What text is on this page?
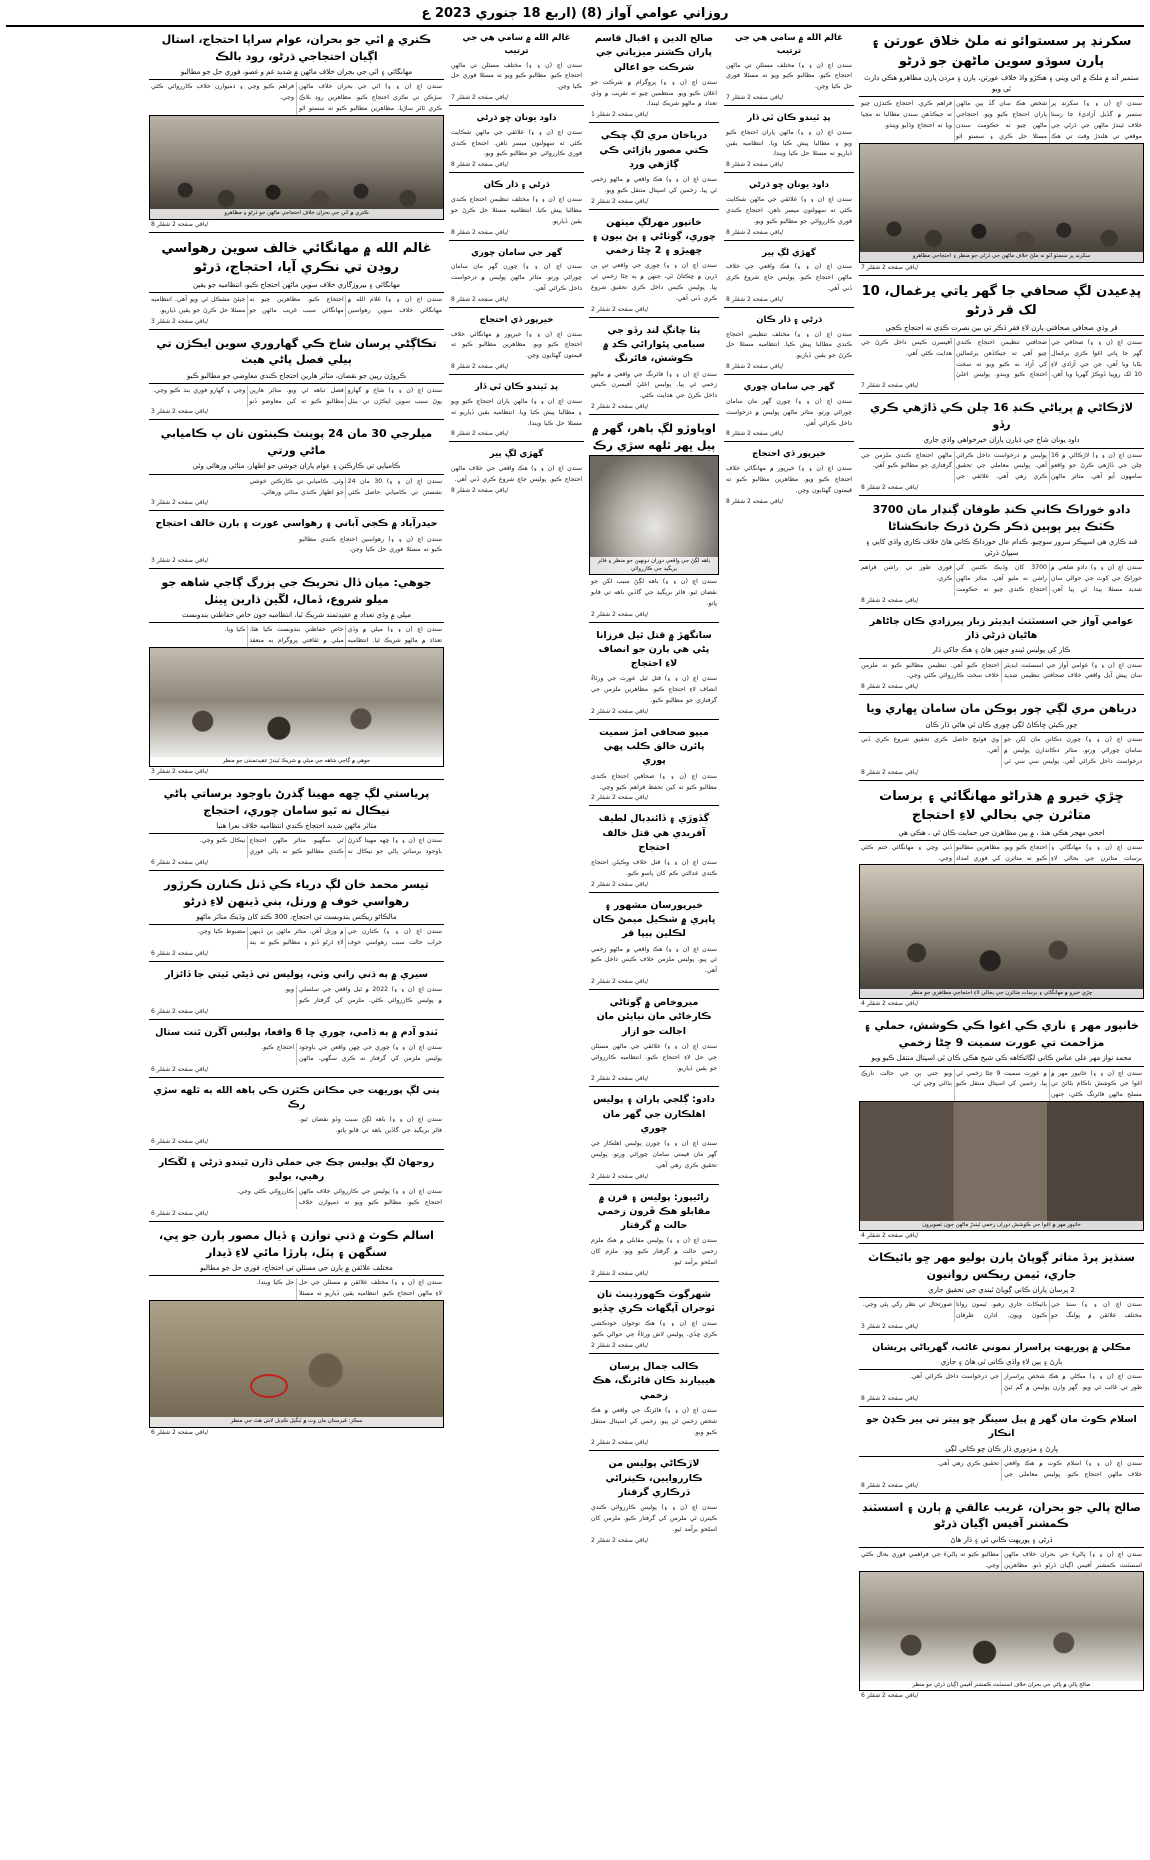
روزاني عوامي آواز (8) (اربع 18 جنوري 2023 ع
سکرنڊ پر سستوائو نه ملڻ خلاق عورتن ۽ ٻارن سوڌو سوين ماڻهن جو ڌرڻو
ستمبر آند ۾ ملڪ ۾ اٿي ويٺي ۽ هڪڙو واڌ خلاف عورتن، ٻارن ۽ مردن پارن مظاهرو هڪي ڊارٽ ٿي ويو
سندن اچ (ن ۽ ۽) سکرنڊ پر ستمبر ۾ گڏيل آزاديءَ جا رستا خلاف ٿيندڙ ماڻهن جي ڌرڻي جي موقعي تي هلندڙ وقت تي هڪ شخص هڪ سان گڏ ٻين ماڻهن پاران احتجاج ڪيو ويو. احتجاجي ماڻهن چيو ته حڪومت سندن مسئلا حل ڪري ۽ سستو اٽو فراهم ڪري. احتجاج ڪندڙن چيو ته جيڪڏهن سندن مطالبا نه مڃيا ويا ته احتجاج وڌايو ويندو.
سکرنڊ پر سستو اٽو نه ملڻ خلاف ماڻهن جي ڌرڻي جو منظر ۽ احتجاجي مظاهرو
/باقي صفحه 2 شقلر 7
پڍعيدن لڳ صحافي جا گهر ياتي يرغمال، 10 لک قر ڌرڻو
قر وڌي صحافي صحافتي ٻارن لاءِ فقر ڌڪر تي بين نصرت ڪڍي ته احتجاج ڪجي
سندن اچ (ن ۽ ۽) صحافي جي گهر جا ڀاتي اغوا ڪري يرغمال بڻايا ويا آهن، جن جي آزادي لاءِ 10 لک روپيا ڏوڪڙ گهريا ويا آهن. صحافتي تنظيمن احتجاج ڪندي چيو آهي ته جيڪڏهن يرغمالين کي آزاد نه ڪيو ويو ته سخت احتجاج ڪيو ويندو. پوليس اعليٰ آفيسرن ڪيس داخل ڪرڻ جي هدايت ڪئي آهي.
/باقي صفحه 2 شقلر 7
لاڙڪاڻي ۾ پرياڻي ڪنڊ 16 چلن ڪي ڏاڙهي ڪري رڏو
داود يونان شاخ جي ڏيارن پاران خيرخواهي واڌي جاري
سندن اچ (ن ۽ ۽) لاڙڪاڻي ۾ 16 چلن جي ڏاڙهي ڪرڻ جو واقعو سامهون آيو آهي. متاثر ماڻهن پوليس ۾ درخواست داخل ڪرائي آهي. پوليس معاملي جي تحقيق ڪري رهي آهي. علائقي جي ماڻهن احتجاج ڪندي ملزمن جي گرفتاري جو مطالبو ڪيو آهي.
/باقي صفحه 2 شقلر 8
دادو خوراڪ ڪاني ڪنڊ طوفان ڳنڍار مان 3700 ڪٽڪ ٻير ٻوٻين ڌڪر ڪرڻ ڌرڪ جانڪشاڻا
قند ڪاري هي اسپيڪر سرور سوچيو. ڪدام عال خورداڪ ڪاني هاڻ خلاف ڪاري واڌي کاٻي ۽ سيڀاڻ ڌرڻي
سندن اچ (ن ۽ ۽) دادو ضلعي ۾ خوراڪ جي کوٽ جي حوالي سان شديد مسئلا پيدا ٿي پيا آهن. 3700 کان وڌيڪ ڪٽنبن کي راشن نه مليو آهي. متاثر ماڻهن احتجاج ڪندي چيو ته حڪومت فوري طور تي راشن فراهم ڪري.
/باقي صفحه 2 شقلر 8
عوامي آواز جي اسسٽنٽ ايڊيٽر زبار پيرزادي ڪان ڄاڻاهر هاڻيان ڌرڻي ڌار
ڪار کي پوليس ٿيندو جنهن هاڻ ۽ هڪ جاکي ڌار
سندن اچ (ن ۽ ۽) عوامي آواز جي اسسٽنٽ ايڊيٽر سان پيش آيل واقعي خلاف صحافتي تنظيمن شديد احتجاج ڪيو آهي. تنظيمن مطالبو ڪيو ته ملزمن خلاف سخت ڪارروائي ڪئي وڃي.
/باقي صفحه 2 شقلر 8
درياهن مري لڳي چور ٻوڪن مان سامان ڀهاري ويا
چور ڪيئن ڇاڪاڻ لڳي چوري ڪان ٿي هاڻي ڌار ڪان
سندن اچ (ن ۽ ۽) چورن دڪانن مان لکن جو سامان چورائي ورتو. متاثر دڪاندارن پوليس ۾ درخواست داخل ڪرائي آهي. پوليس سي سي ٽي وي فوٽيج حاصل ڪري تحقيق شروع ڪري ڏني آهي.
/باقي صفحه 2 شقلر 8
ڇڙي خيرو ۾ هڌراڻو مهانگائي ۽ برسات متاثرن جي بحالي لاءِ احتجاج
احجي مهجر هڪي هنڌ ، ۾ ٻين مظاهرن جي حمايت ڪان ٿي ، هڪي هي
سندن اچ (ن ۽ ۽) مهانگائي ۽ برسات متاثرن جي بحالي لاءِ احتجاج ڪيو ويو. مظاهرين مطالبو ڪيو ته متاثرن کي فوري امداد ڏني وڃي ۽ مهانگائي ختم ڪئي وڃي.
ڇڙي خيرو ۾ مهانگائي ۽ برسات متاثرن جي بحالي لاءِ احتجاجي مظاهري جو منظر
/باقي صفحه 2 شقلر 4
خانپور مهر ۽ ناري ڪي اغوا ڪي ڪوشش، حملي ۽ مزاحمت تي عورت سميت 9 ڇڻا زخمي
محمد نواز مهر علي عباس ڪاني لڳائڪاهه ڪي شيخ هڪي ڪان ٿي اسپتال منتقل ڪيو ويو
سندن اچ (ن ۽ ۽) خانپور مهر ۾ اغوا جي ڪوشش ناڪام بڻائڻ تي مسلح ماڻهن فائرنگ ڪئي، جنهن ۾ عورت سميت 9 ڄڻا زخمي ٿي پيا. زخمين کي اسپتال منتقل ڪيو ويو جتي ٻن جي حالت نازڪ ٻڌائي وڃي ٿي.
خانپور مهر ۾ اغوا جي ڪوشش دوران زخمي ٿيندڙ ماڻهن جون تصويرون
/باقي صفحه 2 شقلر 4
سنڌيز پرڏ متاثر ڳوپاڻ پارن ٻوليو مهر ڇو بائيڪاٽ جاري، ٽيمن ريڪس روانيون
2 پرسان پاران ڪاني ڳوپاڻ ٿيندي جي تحقيق جاري
سندن اچ (ن ۽ ۽) سنڌ جي مختلف علائقن ۾ پولنگ جو بائيڪاٽ جاري رهيو. ٽيمون روانا ڪيون ويون. ادارن طرفان صورتحال تي نظر رکي پئي وڃي.
/باقي صفحه 2 شقلر 3
مڪلي ۾ پوريهت پراسرار نموني غائب، گهرياڻي پريشان
ٻارڻ ۽ ٻين لاءِ واڌي ڪاني ٿي هاڻ ۽ جاري
سندن اچ (ن ۽ ۽) مڪلي ۾ هڪ شخص پراسرار طور تي غائب ٿي ويو. گهر وارن پوليس ۾ گم ٿيڻ جي درخواست داخل ڪرائي آهي.
/باقي صفحه 2 شقلر 8
اسلام ڪوٽ مان گهر ۾ پيل سينگر ڇو پيتر تي پير ڪڍڻ جو انڪار
ڀارڻ ۽ مزدوري ڌار ڪان ڇو ڪاني لڳي
سندن اچ (ن ۽ ۽) اسلام ڪوٽ ۾ هڪ واقعي خلاف ماڻهن احتجاج ڪيو. پوليس معاملي جي تحقيق ڪري رهي آهي.
/باقي صفحه 2 شقلر 8
صالح پالي جو بحران، غريب عالقي ۾ ٻارن ۽ اسسٽنڊ ڪمشنر آفيس اڳيان ڌرڻو
ڌرڻي ۽ پوريهت ڪاني ٿي ۽ ڌار هاڻ
سندن اچ (ن ۽ ۽) پاڻيءَ جي بحران خلاف ماڻهن اسسٽنٽ ڪمشنر آفيس اڳيان ڌرڻو ڏنو. مظاهرين مطالبو ڪيو ته پاڻيءَ جي فراهمي فوري بحال ڪئي وڃي.
صالح پالي ۾ پاڻي جي بحران خلاف اسسٽنٽ ڪمشنر آفيس اڳيان ڌرڻي جو منظر
/باقي صفحه 2 شقلر 6
غالم الله ۾ سامي هي جي ترتيب
سندن اچ (ن ۽ ۽) مختلف مسئلن تي ماڻهن احتجاج ڪيو. مطالبو ڪيو ويو ته مسئلا فوري حل ڪيا وڃن.
/باقي صفحه 2 شقلر 7
پڍ ٿيندو ڪان ٿي ڏار
سندن اچ (ن ۽ ۽) ماڻهن پاران احتجاج ڪيو ويو ۽ مطالبا پيش ڪيا ويا. انتظاميه يقين ڏياريو ته مسئلا حل ڪيا ويندا.
/باقي صفحه 2 شقلر 8
داود يونان ڇو ڌرڻي
سندن اچ (ن ۽ ۽) علائقي جي ماڻهن شڪايت ڪئي ته سهولتون ميسر ناهن. احتجاج ڪندي فوري ڪارروائي جو مطالبو ڪيو ويو.
/باقي صفحه 2 شقلر 8
گهڙي لڳ ٻير
سندن اچ (ن ۽ ۽) هڪ واقعي جي خلاف ماڻهن احتجاج ڪيو. پوليس جاچ شروع ڪري ڏني آهي.
/باقي صفحه 2 شقلر 8
ڌرڻي ۽ ڌار ڪان
سندن اچ (ن ۽ ۽) مختلف تنظيمن احتجاج ڪندي مطالبا پيش ڪيا. انتظاميه مسئلا حل ڪرڻ جو يقين ڏياريو.
/باقي صفحه 2 شقلر 8
گهر جي سامان چوري
سندن اچ (ن ۽ ۽) چورن گهر مان سامان چورائي ورتو. متاثر ماڻهن پوليس ۾ درخواست داخل ڪرائي آهي.
/باقي صفحه 2 شقلر 8
خيرپور ڏي احتجاج
سندن اچ (ن ۽ ۽) خيرپور ۾ مهانگائي خلاف احتجاج ڪيو ويو. مظاهرين مطالبو ڪيو ته قيمتون گهٽايون وڃن.
/باقي صفحه 2 شقلر 8
صالح الدين ۽ اقبال قاسم پاران ڪشنر ميزباني جي شرڪت جو اعالن
سندن اچ (ن ۽ ۽) پروگرام ۾ شرڪت جو اعلان ڪيو ويو. منتظمين چيو ته تقريب ۾ وڏي تعداد ۾ ماڻهو شريڪ ٿيندا.
/باقي صفحه 2 شقلر 1
درياخان مري لڳ ڇڪي ڪتي مصور ٻاڙائي ڪي ڳاڙهي ورڊ
سندن اچ (ن ۽ ۽) هڪ واقعي ۾ ماڻهو زخمي ٿي پيا. زخمين کي اسپتال منتقل ڪيو ويو.
/باقي صفحه 2 شقلر 2
خانپور مهرلڳ ميٺهن چوري، ڳوٺاڻي ۽ پڻ ٻيون ۽ ڇهيڙو ۽ 2 ڇڻا زخمي
سندن اچ (ن ۽ ۽) چوري جي واقعي تي ٻن ڌرين ۾ ڇڪتاڻ ٿي، جنهن ۾ ٻه ڄڻا زخمي ٿي پيا. پوليس ڪيس داخل ڪري تحقيق شروع ڪري ڏني آهي.
/باقي صفحه 2 شقلر 2
ٻٽا چانڳ لنڊ رڏو جي سبامي ڀئوارائي ڪڍ ۾ ڪوشش، فائرنگ
سندن اچ (ن ۽ ۽) فائرنگ جي واقعي ۾ ماڻهو زخمي ٿي پيا. پوليس اعليٰ آفيسرن ڪيس داخل ڪرڻ جي هدايت ڪئي.
/باقي صفحه 2 شقلر 2
اوپاوڙو لڳ ٻاهر، گهر ۾ پيل ڀهر ٿلهه سڙي رڪ
باهه لڳڻ جي واقعي دوران دونهين جو منظر ۽ فائر بريگيڊ جي ڪارروائي
سندن اچ (ن ۽ ۽) باهه لڳڻ سبب لکن جو نقصان ٿيو. فائر بريگيڊ جي گاڏين باهه تي قابو پاتو.
/باقي صفحه 2 شقلر 2
سانگهڙ ۾ قتل ٿيل فرزانا پڻي هي ٻارن جو انصاف لاءِ احتجاج
سندن اچ (ن ۽ ۽) قتل ٿيل عورت جي ورثاءُ انصاف لاءِ احتجاج ڪيو. مظاهرين ملزمن جي گرفتاري جو مطالبو ڪيو.
/باقي صفحه 2 شقلر 2
ميپو صحافي امڙ سميت پائرن خالق ڪلب ڀهي پوري
سندن اچ (ن ۽ ۽) صحافين احتجاج ڪندي مطالبو ڪيو ته کين تحفظ فراهم ڪيو وڃي.
/باقي صفحه 2 شقلر 2
ڳڏوڙي ۽ ڏائنڊٻال لطيف آفريدي هي قتل خالف احتجاج
سندن اچ (ن ۽ ۽) قتل خلاف وڪيلن احتجاج ڪندي عدالتي ڪم کان پاسو ڪيو.
/باقي صفحه 2 شقلر 2
خيرپورسان مشهور ۽ ڀاپري ۾ شڪيل ميمڻ ڪان لڪلين ٻيپا قر
سندن اچ (ن ۽ ۽) هڪ واقعي ۾ ماڻهو زخمي ٿي پيو. پوليس ملزمن خلاف ڪيس داخل ڪيو آهي.
/باقي صفحه 2 شقلر 2
ميروخاص ۾ ڳوٺاڻي ڪارخاڻي مان نيايئن مان اجالت جو ازار
سندن اچ (ن ۽ ۽) علائقي جي ماڻهن مسئلن جي حل لاءِ احتجاج ڪيو. انتظاميه ڪارروائي جو يقين ڏياريو.
/باقي صفحه 2 شقلر 2
دادو: ڳلجي پاران ۽ پوليس اهلڪارن جي گهر مان چوري
سندن اچ (ن ۽ ۽) چورن پوليس اهلڪار جي گهر مان قيمتي سامان چورائي ورتو. پوليس تحقيق ڪري رهي آهي.
/باقي صفحه 2 شقلر 2
راڻيپور: پوليس ۽ قرن ۾ مقابلو هڪ ڦرون زخمي حالت ۾ گرفتار
سندن اچ (ن ۽ ۽) پوليس مقابلي ۾ هڪ ملزم زخمي حالت ۾ گرفتار ڪيو ويو. ملزم کان اسلحو برآمد ٿيو.
/باقي صفحه 2 شقلر 2
شهرڳوٺ ڪهورڊينٽ تان ٽوجران آپگهات ڪري ڇڏيو
سندن اچ (ن ۽ ۽) هڪ نوجوان خودڪشي ڪري ڇڏي. پوليس لاش ورثاءُ جي حوالي ڪيو.
/باقي صفحه 2 شقلر 2
ڪالب جمال پرسان هيٻيارنڊ ڪان فائرنگ، هڪ زخمي
سندن اچ (ن ۽ ۽) فائرنگ جي واقعي ۾ هڪ شخص زخمي ٿي پيو. زخمي کي اسپتال منتقل ڪيو ويو.
/باقي صفحه 2 شقلر 2
لاڙڪاڻي پوليس من ڪارروايين، ڪيترائي ڌرڪاري گرفتار
سندن اچ (ن ۽ ۽) پوليس ڪارروائي ڪندي ڪيترن ئي ملزمن کي گرفتار ڪيو. ملزمن کان اسلحو برآمد ٿيو.
/باقي صفحه 2 شقلر 2
غالم الله ۾ سامي هي جي ترتيب
سندن اچ (ن ۽ ۽) مختلف مسئلن تي ماڻهن احتجاج ڪيو. مطالبو ڪيو ويو ته مسئلا فوري حل ڪيا وڃن.
/باقي صفحه 2 شقلر 7
داود يونان ڇو ڌرڻي
سندن اچ (ن ۽ ۽) علائقي جي ماڻهن شڪايت ڪئي ته سهولتون ميسر ناهن. احتجاج ڪندي فوري ڪارروائي جو مطالبو ڪيو ويو.
/باقي صفحه 2 شقلر 8
ڌرڻي ۽ ڌار ڪان
سندن اچ (ن ۽ ۽) مختلف تنظيمن احتجاج ڪندي مطالبا پيش ڪيا. انتظاميه مسئلا حل ڪرڻ جو يقين ڏياريو.
/باقي صفحه 2 شقلر 8
گهر جي سامان چوري
سندن اچ (ن ۽ ۽) چورن گهر مان سامان چورائي ورتو. متاثر ماڻهن پوليس ۾ درخواست داخل ڪرائي آهي.
/باقي صفحه 2 شقلر 8
خيرپور ڏي احتجاج
سندن اچ (ن ۽ ۽) خيرپور ۾ مهانگائي خلاف احتجاج ڪيو ويو. مظاهرين مطالبو ڪيو ته قيمتون گهٽايون وڃن.
/باقي صفحه 2 شقلر 8
پڍ ٿيندو ڪان ٿي ڏار
سندن اچ (ن ۽ ۽) ماڻهن پاران احتجاج ڪيو ويو ۽ مطالبا پيش ڪيا ويا. انتظاميه يقين ڏياريو ته مسئلا حل ڪيا ويندا.
/باقي صفحه 2 شقلر 8
گهڙي لڳ ٻير
سندن اچ (ن ۽ ۽) هڪ واقعي جي خلاف ماڻهن احتجاج ڪيو. پوليس جاچ شروع ڪري ڏني آهي.
/باقي صفحه 2 شقلر 8
ڪتري ۾ اٿي جو بحران، عوام سراپا احتجاج، استال اڳيان احتجاجي ڌرڻو، رود بالڪ
مهانگائي ۽ اٽي جي بحران خلاف ماڻهن ۾ شديد غم و غصو، فوري حل جو مطالبو
سندن اچ (ن ۽ ۽) اٽي جي بحران خلاف ماڻهن سڙڪن تي نڪري احتجاج ڪيو. مظاهرين روڊ بلاڪ ڪري ٽائر ساڙيا. مظاهرين مطالبو ڪيو ته سستو اٽو فراهم ڪيو وڃي ۽ ذميوارن خلاف ڪارروائي ڪئي وڃي.
ڪتري ۾ اٽي جي بحران خلاف احتجاجي ماڻهن جو ڌرڻو ۽ مظاهرو
/باقي صفحه 2 شقلر 8
غالم الله ۾ مهانگائي خالف سوين رهواسي روڊن تي نڪري آيا، احتجاج، ڌرڻو
مهانگائي ۽ بيروزگاري خلاف سوين ماڻهن احتجاج ڪيو، انتظاميه جو يقين
سندن اچ (ن ۽ ۽) غلام الله ۾ مهانگائي خلاف سوين رهواسين احتجاج ڪيو. مظاهرين چيو ته مهانگائي سبب غريب ماڻهن جو جيئڻ مشڪل ٿي ويو آهي. انتظاميه مسئلا حل ڪرڻ جو يقين ڏياريو.
/باقي صفحه 2 شقلر 3
تڪاڳڻي پرسان شاخ ڪي گهاروري سوين ايڪڙن تي ٻيلي فصل پاڻي هيٺ
ڪروڙن رپين جو نقصان، متاثر هارين احتجاج ڪندي معاوضي جو مطالبو ڪيو
سندن اچ (ن ۽ ۽) شاخ ۾ گهارو پوڻ سبب سوين ايڪڙن تي بيٺل فصل تباهه ٿي ويو. متاثر هارين مطالبو ڪيو ته کين معاوضو ڏنو وڃي ۽ گهارو فوري بند ڪيو وڃي.
/باقي صفحه 2 شقلر 3
ميلرجي 30 مان 24 پوينٽ ڪينٽون تان پ ڪاميابي ماڻي ورتي
ڪاميابي تي ڪارڪنن ۽ عوام پاران خوشي جو اظهار، مٺائي ورهائي وئي
سندن اچ (ن ۽ ۽) 30 مان 24 نشستن تي ڪاميابي حاصل ڪئي وئي. ڪاميابي تي ڪارڪنن خوشي جو اظهار ڪندي مٺائي ورهائي.
/باقي صفحه 2 شقلر 3
حيدرآباد ۾ ڪجي آباني ۽ رهواسي عورت ۽ ٻارن خالف احتجاج
سندن اچ (ن ۽ ۽) رهواسين احتجاج ڪندي مطالبو ڪيو ته مسئلا فوري حل ڪيا وڃن.
/باقي صفحه 2 شقلر 3
جوهي: ميان ڏال تحريڪ جي ٻزرگ ڳاجي شاهه جو ميلو شروع، ڏمال، لڱين ڌارين ڀيٺل
ميلي ۾ وڏي تعداد ۾ عقيدتمند شريڪ ٿيا، انتظاميه جون خاص حفاظتي بندوبست
سندن اچ (ن ۽ ۽) ميلي ۾ وڏي تعداد ۾ ماڻهو شريڪ ٿيا. انتظاميه خاص حفاظتي بندوبست ڪيا هئا. ميلي ۾ ثقافتي پروگرام به منعقد ڪيا ويا.
جوهي ۾ ڳاجي شاهه جي ميلي ۾ شريڪ ٿيندڙ عقيدتمندن جو منظر
/باقي صفحه 2 شقلر 3
پرياستي لڳ ڇهه مهينا ڳذرڻ باوجود برساتي پاڻي نيڪال نه ٿيو سامان چوري، احتجاج
متاثر ماڻهن شديد احتجاج ڪندي انتظاميه خلاف نعرا هنيا
سندن اچ (ن ۽ ۽) ڇهه مهينا گذرڻ باوجود برساتي پاڻي جو نيڪال نه ٿي سگهيو. متاثر ماڻهن احتجاج ڪندي مطالبو ڪيو ته پاڻي فوري نيڪال ڪيو وڃي.
/باقي صفحه 2 شقلر 6
تيسر محمد خان لڳ درياء ڪي ڏنل ڪنارن ڪرڙور رهواسي خوف ۾ ورتل، ٻني ڏينهن لاءِ ڌرڻو
مالڪاڻو ريڪس بندوبست تي احتجاج، 300 ڪنڊ کان وڌيڪ متاثر ماڻهو
سندن اچ (ن ۽ ۽) ڪنارن جي خراب حالت سبب رهواسي خوف ۾ ورتل آهن. متاثر ماڻهن ٻن ڏينهن لاءِ ڌرڻو ڏنو ۽ مطالبو ڪيو ته بند مضبوط ڪيا وڃن.
/باقي صفحه 2 شقلر 6
سيري ۾ ٻه ڌني راني وٺي، پوليس تي ڏيڻي ٿيتي جا ڏائزار
سندن اچ (ن ۽ ۽) 2022 ۾ ٿيل واقعي جي سلسلي ۾ پوليس ڪارروائي ڪئي. ملزمن کي گرفتار ڪيو ويو.
/باقي صفحه 2 شقلر 6
ٽنڊو آدم ۾ ٻه ڌامي، چوري ڇا 6 واقعا، پوليس آڱرن ٿنت ستال
سندن اچ (ن ۽ ۽) چوري جي ڇهن واقعن جي باوجود پوليس ملزمن کي گرفتار نه ڪري سگهي. ماڻهن احتجاج ڪيو.
/باقي صفحه 2 شقلر 6
ٻني لڳ پوريهت جي مڪانن ڪٿرن ڪي ٻاهه الله ٻه ٿلهه سڙي رڪ
سندن اچ (ن ۽ ۽) باهه لڳڻ سبب وڏو نقصان ٿيو. فائر بريگيڊ جي گاڏين باهه تي قابو پاتو.
/باقي صفحه 2 شقلر 6
روجهاڻ لڳ پوليس چڪ جي حملي ڌارن ٿيندو ڌرڻي ۽ لڱڪار رهيي، ٻوليو
سندن اچ (ن ۽ ۽) پوليس جي ڪارروائي خلاف ماڻهن احتجاج ڪيو. مطالبو ڪيو ويو ته ذميوارن خلاف ڪارروائي ڪئي وڃي.
/باقي صفحه 2 شقلر 6
اسالم ڪوٽ ۾ ڌني توازن ۽ ڏيال مصور ٻارن جو ڀي، سنگهن ۽ پٽل، ٻارڙا مائي لاءِ ڏيدار
مختلف علائقن ۾ ٻارن جي مسئلن تي احتجاج، فوري حل جو مطالبو
سندن اچ (ن ۽ ۽) مختلف علائقن ۾ مسئلن جي حل لاءِ ماڻهن احتجاج ڪيو. انتظاميه يقين ڏياريو ته مسئلا حل ڪيا ويندا.
سڪر: قبرستان مان وٺ ۾ ٽنگيل ڪڍيل لاش هٽ جي منظر
/باقي صفحه 2 شقلر 6
